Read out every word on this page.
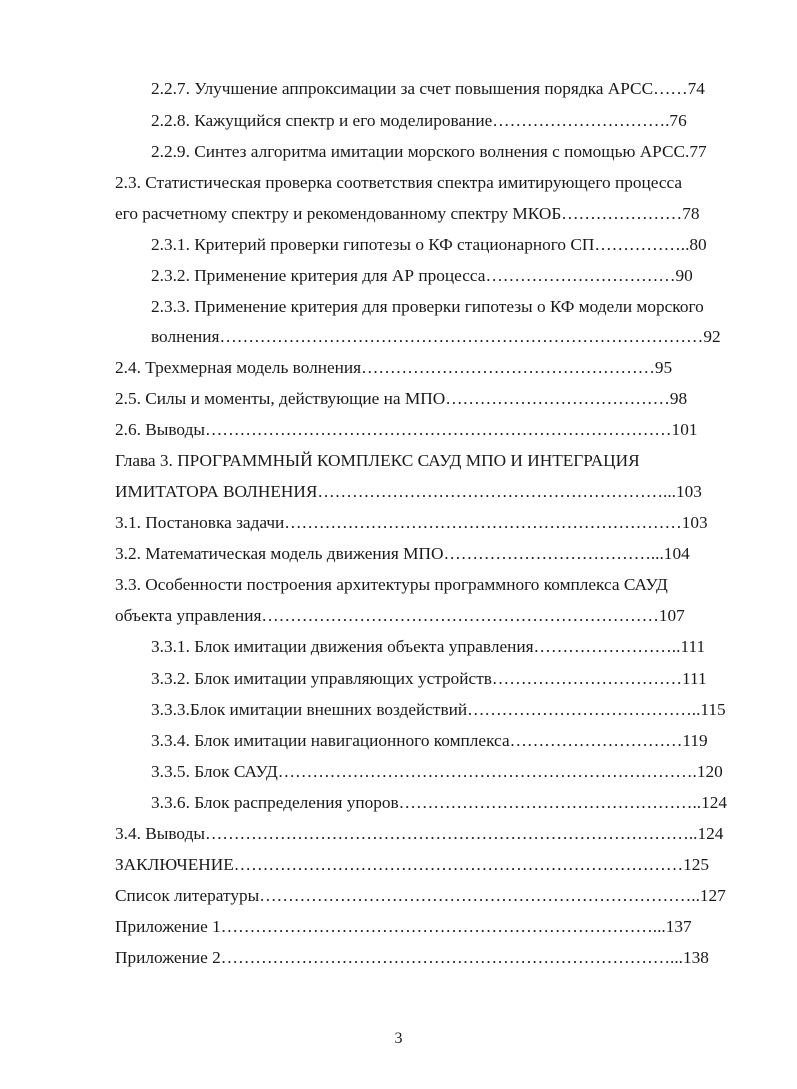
2.2.7. Улучшение аппроксимации за счет повышения порядка АРСС……74
2.2.8. Кажущийся спектр и его моделирование………………………….76
2.2.9. Синтез алгоритма имитации морского волнения с помощью АРСС.77
2.3. Статистическая проверка соответствия спектра имитирующего процесса
его расчетному спектру и рекомендованному спектру МКОБ…………………78
2.3.1. Критерий проверки гипотезы о КФ стационарного СП……………..80
2.3.2. Применение критерия для АР процесса……………………………90
2.3.3. Применение критерия для проверки гипотезы о КФ модели морского
волнения…………………………………………………………………………92
2.4. Трехмерная модель волнения……………………………………………95
2.5. Силы и моменты, действующие на МПО…………………………………98
2.6. Выводы………………………………………………………………………101
Глава 3. ПРОГРАММНЫЙ КОМПЛЕКС САУД МПО И ИНТЕГРАЦИЯ
ИМИТАТОРА ВОЛНЕНИЯ……………………………………………………...103
3.1. Постановка задачи……………………………………………………………103
3.2. Математическая модель движения МПО………………………………...104
3.3. Особенности построения архитектуры программного комплекса САУД
объекта управления……………………………………………………………107
3.3.1. Блок имитации движения объекта управления……………………..111
3.3.2. Блок имитации управляющих устройств……………………………111
3.3.3.Блок имитации внешних воздействий…………………………………..115
3.3.4. Блок имитации навигационного комплекса…………………………119
3.3.5. Блок САУД……………………………………………………………….120
3.3.6. Блок распределения упоров……………………………………………..124
3.4. Выводы…………………………………………………………………………..124
ЗАКЛЮЧЕНИЕ……………………………………………………………………125
Список литературы…………………………………………………………………..127
Приложение 1…………………………………………………………………...137
Приложение 2……………………………………………………………………...138
3
